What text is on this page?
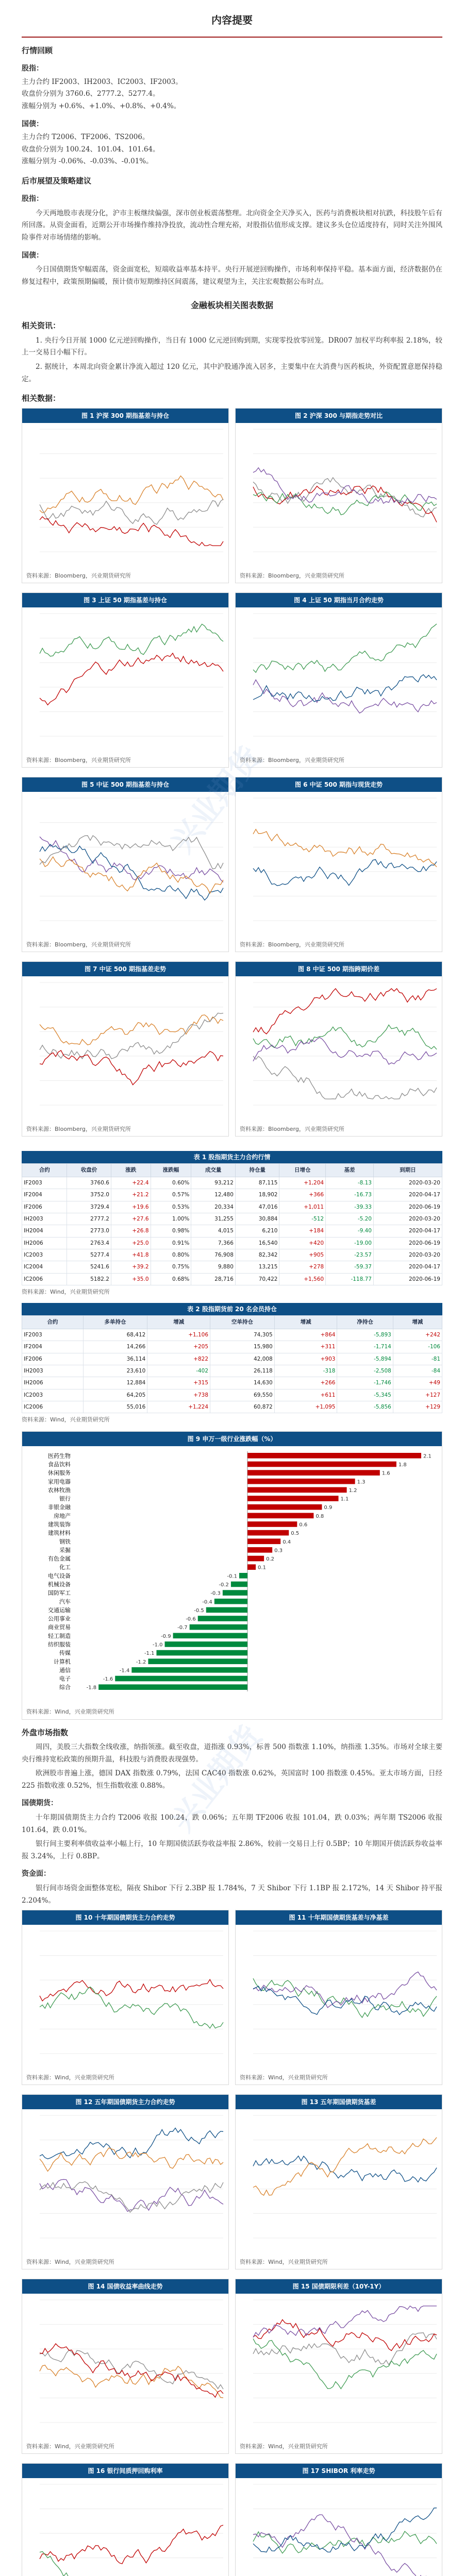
内容提要
行情回顾
股指：
主力合约 IF2003、IH2003、IC2003、IF2003。
收盘价分别为 3760.6、2777.2、5277.4。
涨幅分别为 +0.6%、+1.0%、+0.8%、+0.4%。
国债：
主力合约 T2006、TF2006、TS2006。
收盘价分别为 100.24、101.04、101.64。
涨幅分别为 -0.06%、-0.03%、-0.01%。
后市展望及策略建议
股指：
今天两地股市表现分化，沪市主板继续偏强，深市创业板震荡整理。北向资金全天净买入，医药与消费板块相对抗跌，科技股午后有所回落。从资金面看，近期公开市场操作维持净投放，流动性合理充裕，对股指估值形成支撑。建议多头仓位适度持有，同时关注外围风险事件对市场情绪的影响。
国债：
今日国债期货窄幅震荡，资金面宽松，短端收益率基本持平。央行开展逆回购操作，市场利率保持平稳。基本面方面，经济数据仍在修复过程中，政策预期偏暖，预计债市短期维持区间震荡，建议观望为主，关注宏观数据公布时点。
金融板块相关图表数据
相关资讯：
1. 央行今日开展 1000 亿元逆回购操作，当日有 1000 亿元逆回购到期，实现零投放零回笼。DR007 加权平均利率报 2.18%，较上一交易日小幅下行。
2. 据统计，本周北向资金累计净流入超过 120 亿元，其中沪股通净流入居多，主要集中在大消费与医药板块，外资配置意愿保持稳定。
相关数据：
图 1 沪深 300 期指基差与持仓
资料来源：Bloomberg，兴业期货研究所
图 2 沪深 300 与期指走势对比
资料来源：Bloomberg，兴业期货研究所
图 3 上证 50 期指基差与持仓
资料来源：Bloomberg，兴业期货研究所
图 4 上证 50 期指当月合约走势
资料来源：Bloomberg，兴业期货研究所
图 5 中证 500 期指基差与持仓
资料来源：Bloomberg，兴业期货研究所
图 6 中证 500 期指与现货走势
资料来源：Bloomberg，兴业期货研究所
图 7 中证 500 期指基差走势
资料来源：Bloomberg，兴业期货研究所
图 8 中证 500 期指跨期价差
资料来源：Bloomberg，兴业期货研究所
表 1 股指期货主力合约行情
合约	收盘价	涨跌	涨跌幅	成交量	持仓量	日增仓	基差	到期日
IF2003	3760.6	+22.4	0.60%	93,212	87,115	+1,204	-8.13	2020-03-20
IF2004	3752.0	+21.2	0.57%	12,480	18,902	+366	-16.73	2020-04-17
IF2006	3729.4	+19.6	0.53%	20,334	47,016	+1,011	-39.33	2020-06-19
IH2003	2777.2	+27.6	1.00%	31,255	30,884	-512	-5.20	2020-03-20
IH2004	2773.0	+26.8	0.98%	4,015	6,210	+184	-9.40	2020-04-17
IH2006	2763.4	+25.0	0.91%	7,366	16,540	+420	-19.00	2020-06-19
IC2003	5277.4	+41.8	0.80%	76,908	82,342	+905	-23.57	2020-03-20
IC2004	5241.6	+39.2	0.75%	9,880	13,215	+278	-59.37	2020-04-17
IC2006	5182.2	+35.0	0.68%	28,716	70,422	+1,560	-118.77	2020-06-19
资料来源：Wind，兴业期货研究所
表 2 股指期货前 20 名会员持仓
合约	多单持仓	增减	空单持仓	增减	净持仓	增减
IF2003	68,412	+1,106	74,305	+864	-5,893	+242
IF2004	14,266	+205	15,980	+311	-1,714	-106
IF2006	36,114	+822	42,008	+903	-5,894	-81
IH2003	23,610	-402	26,118	-318	-2,508	-84
IH2006	12,884	+315	14,630	+266	-1,746	+49
IC2003	64,205	+738	69,550	+611	-5,345	+127
IC2006	55,016	+1,224	60,872	+1,095	-5,856	+129
资料来源：Wind，兴业期货研究所
图 9 申万一级行业涨跌幅（%）
医药生物	2.1
食品饮料	1.8
休闲服务	1.6
家用电器	1.3
农林牧渔	1.2
银行	1.1
非银金融	0.9
房地产	0.8
建筑装饰	0.6
建筑材料	0.5
钢铁	0.4
采掘	0.3
有色金属	0.2
化工	0.1
电气设备	-0.1
机械设备	-0.2
国防军工	-0.3
汽车	-0.4
交通运输	-0.5
公用事业	-0.6
商业贸易	-0.7
轻工制造	-0.9
纺织服装	-1.0
传媒	-1.1
计算机	-1.2
通信	-1.4
电子	-1.6
综合	-1.8
资料来源：Wind，兴业期货研究所
外盘市场指数
周四，美股三大指数全线收涨，纳指领涨。截至收盘，道指涨 0.93%，标普 500 指数涨 1.10%，纳指涨 1.35%。市场对全球主要央行维持宽松政策的预期升温，科技股与消费股表现强势。
欧洲股市普遍上涨，德国 DAX 指数涨 0.79%，法国 CAC40 指数涨 0.62%，英国富时 100 指数涨 0.45%。亚太市场方面，日经 225 指数收涨 0.52%，恒生指数收涨 0.88%。
国债期货：
十年期国债期货主力合约 T2006 收报 100.24，跌 0.06%；五年期 TF2006 收报 101.04，跌 0.03%；两年期 TS2006 收报 101.64，跌 0.01%。
银行间主要利率债收益率小幅上行，10 年期国债活跃券收益率报 2.86%，较前一交易日上行 0.5BP；10 年期国开债活跃券收益率报 3.24%，上行 0.8BP。
资金面：
银行间市场资金面整体宽松，隔夜 Shibor 下行 2.3BP 报 1.784%，7 天 Shibor 下行 1.1BP 报 2.172%，14 天 Shibor 持平报 2.204%。
图 10 十年期国债期货主力合约走势
资料来源：Wind，兴业期货研究所
图 11 十年期国债期货基差与净基差
资料来源：Wind，兴业期货研究所
图 12 五年期国债期货主力合约走势
资料来源：Wind，兴业期货研究所
图 13 五年期国债期货基差
资料来源：Wind，兴业期货研究所
图 14 国债收益率曲线走势
资料来源：Wind，兴业期货研究所
图 15 国债期限利差（10Y-1Y）
资料来源：Wind，兴业期货研究所
图 16 银行间质押回购利率	图 17 SHIBOR 利率走势

兴业期货
